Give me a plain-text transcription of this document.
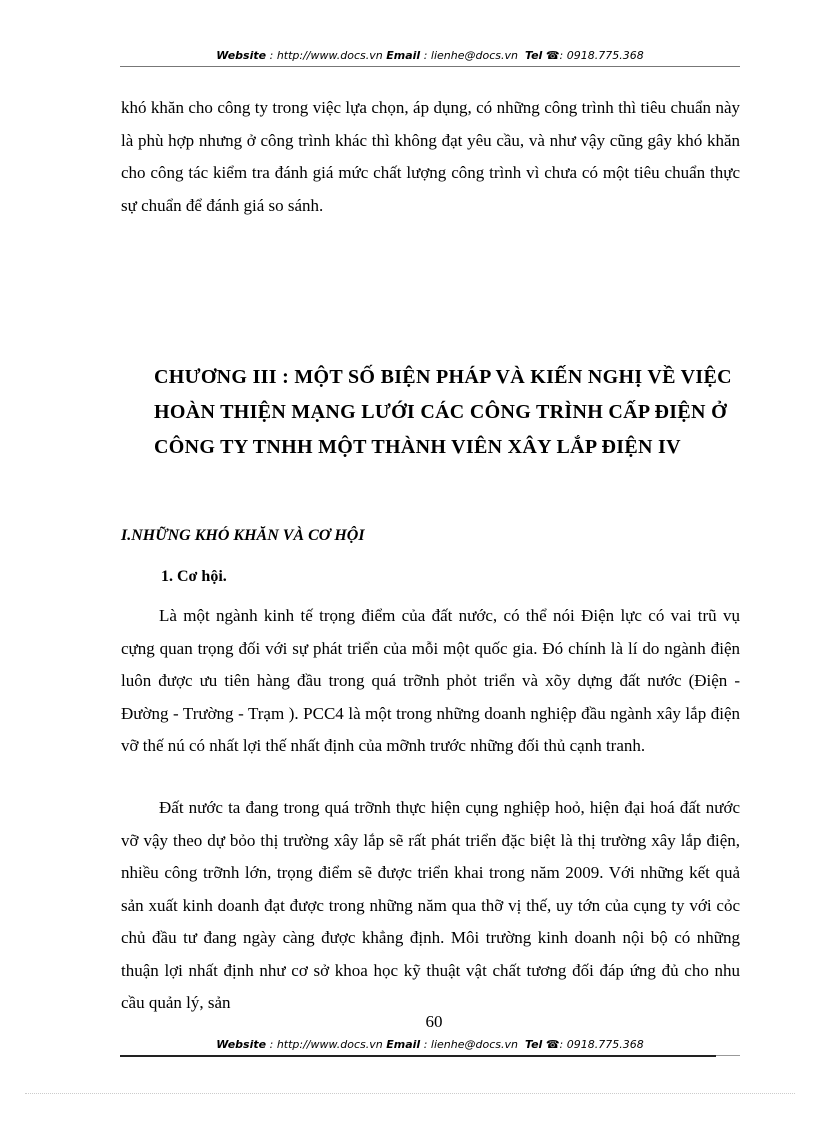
Website : http://www.docs.vn Email : lienhe@docs.vn Tel ☎: 0918.775.368

khó khăn cho công ty trong việc lựa chọn, áp dụng, có những công trình thì tiêu chuẩn này là phù hợp nhưng ở công trình khác thì không đạt yêu cầu, và như vậy cũng gây khó khăn cho công tác kiểm tra đánh giá mức chất lượng công trình vì chưa có một tiêu chuẩn thực sự chuẩn để đánh giá so sánh.

CHƯƠNG III : MỘT SỐ BIỆN PHÁP VÀ KIẾN NGHỊ VỀ VIỆC HOÀN THIỆN MẠNG LƯỚI CÁC CÔNG TRÌNH CẤP ĐIỆN Ở CÔNG TY TNHH MỘT THÀNH VIÊN XÂY LẮP ĐIỆN IV
I.NHỮNG KHÓ KHĂN VÀ CƠ HỘI
1. Cơ hội.

Là một ngành kinh tế trọng điểm của đất nước, có thể nói Điện lực có vai trũ vụ cựng quan trọng đối với sự phát triển của mỗi một quốc gia. Đó chính là lí do ngành điện luôn được ưu tiên hàng đầu trong quá trỡnh phỏt triển và xõy dựng đất nước (Điện - Đường - Trường - Trạm ). PCC4 là một trong những doanh nghiệp đầu ngành xây lắp điện vỡ thế nú có nhất lợi thế nhất định của mỡnh trước những đối thủ cạnh tranh.

Đất nước ta đang trong quá trỡnh thực hiện cụng nghiệp hoỏ, hiện đại hoá đất nước vỡ vậy theo dự bỏo thị trường xây lắp sẽ rất phát triển đặc biệt là thị trường xây lắp điện, nhiều công trỡnh lớn, trọng điểm sẽ được triển khai trong năm 2009. Với những kết quả sản xuất kinh doanh đạt được trong những năm qua thỡ vị thế, uy tớn của cụng ty với cỏc chủ đầu tư đang ngày càng được khẳng định. Môi trường kinh doanh nội bộ có những thuận lợi nhất định như cơ sở khoa học kỹ thuật vật chất tương đối đáp ứng đủ cho nhu cầu quản lý, sản

60
Website : http://www.docs.vn Email : lienhe@docs.vn Tel ☎: 0918.775.368
